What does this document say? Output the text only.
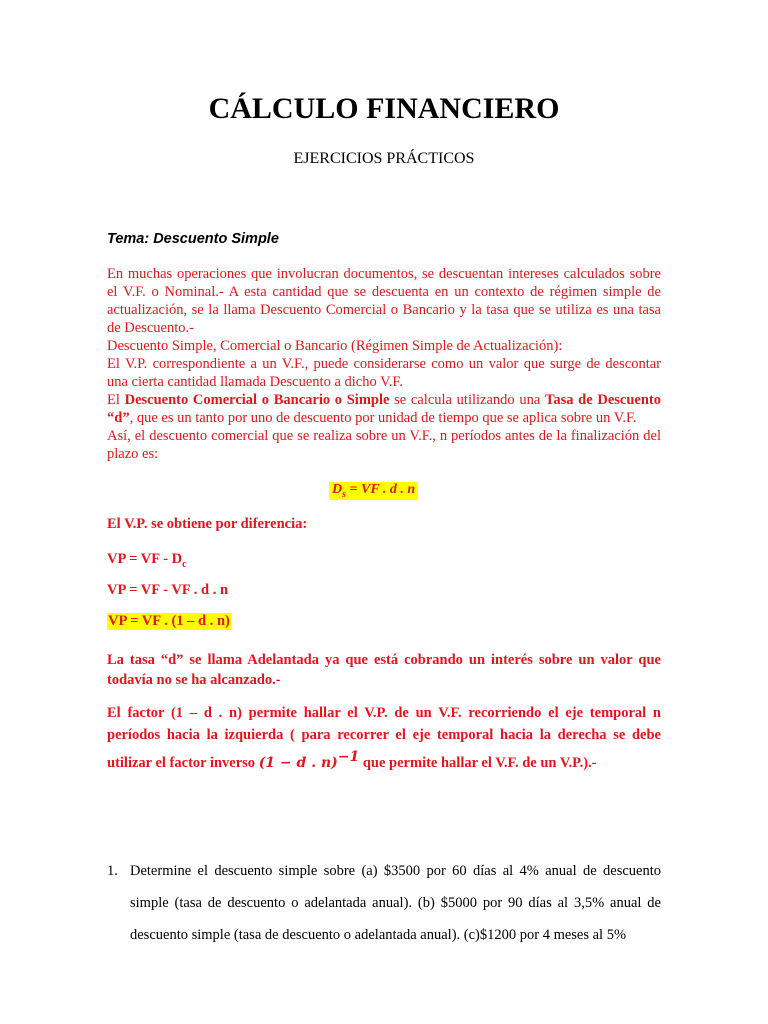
CÁLCULO FINANCIERO
EJERCICIOS PRÁCTICOS
Tema: Descuento Simple
En muchas operaciones que involucran documentos, se descuentan intereses calculados sobre el V.F. o Nominal.- A esta cantidad que se descuenta en un contexto de régimen simple de actualización, se la llama Descuento Comercial o Bancario y la tasa que se utiliza es una tasa de Descuento.-
Descuento Simple, Comercial o Bancario (Régimen Simple de Actualización):
El V.P. correspondiente a un V.F., puede considerarse como un valor que surge de descontar una cierta cantidad llamada Descuento a dicho V.F.
El Descuento Comercial o Bancario o Simple se calcula utilizando una Tasa de Descuento “d”, que es un tanto por uno de descuento por unidad de tiempo que se aplica sobre un V.F.
Así, el descuento comercial que se realiza sobre un V.F., n períodos antes de la finalización del plazo es:
$D_s$ = VF . d . n
El V.P. se obtiene por diferencia:
VP = VF - $D_c$
VP = VF - VF . d . n
VP = VF . (1 – d . n)
La tasa “d” se llama Adelantada ya que está cobrando un interés sobre un valor que todavía no se ha alcanzado.-
El factor (1 – d . n) permite hallar el V.P. de un V.F. recorriendo el eje temporal n períodos hacia la izquierda ( para recorrer el eje temporal hacia la derecha se debe utilizar el factor inverso (1 − d . n)$^{-1}$ que permite hallar el V.F. de un V.P.).-
1. Determine el descuento simple sobre (a) $3500 por 60 días al 4% anual de descuento simple (tasa de descuento o adelantada anual). (b) $5000 por 90 días al 3,5% anual de descuento simple (tasa de descuento o adelantada anual). (c)$1200 por 4 meses al 5%
